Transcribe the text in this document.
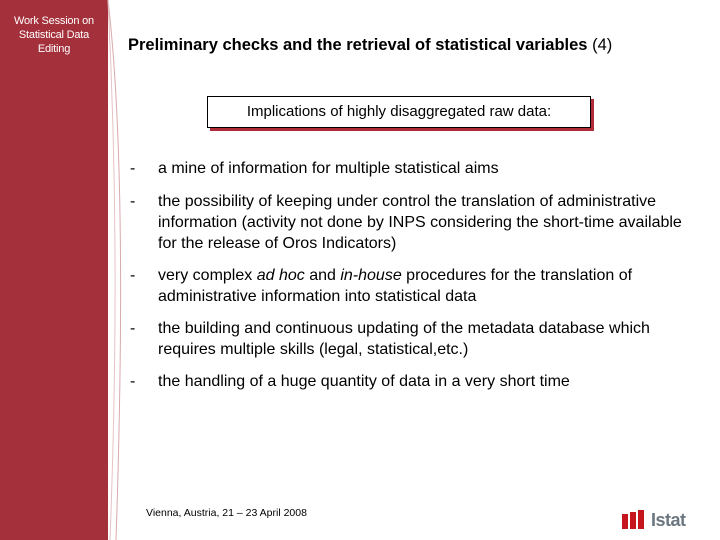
Work Session on
Statistical Data
Editing	Preliminary checks and the retrieval of statistical variables (4)
Implications of highly disaggregated raw data:
- a mine of information for multiple statistical aims
- the possibility of keeping under control the translation of administrative information (activity not done by INPS considering the short-time available for the release of Oros Indicators)
- very complex ad hoc and in-house procedures for the translation of administrative information into statistical data
- the building and continuous updating of the metadata database which requires multiple skills (legal, statistical,etc.)
- the handling of a huge quantity of data in a very short time
Vienna, Austria, 21 – 23 April 2008	Istat
